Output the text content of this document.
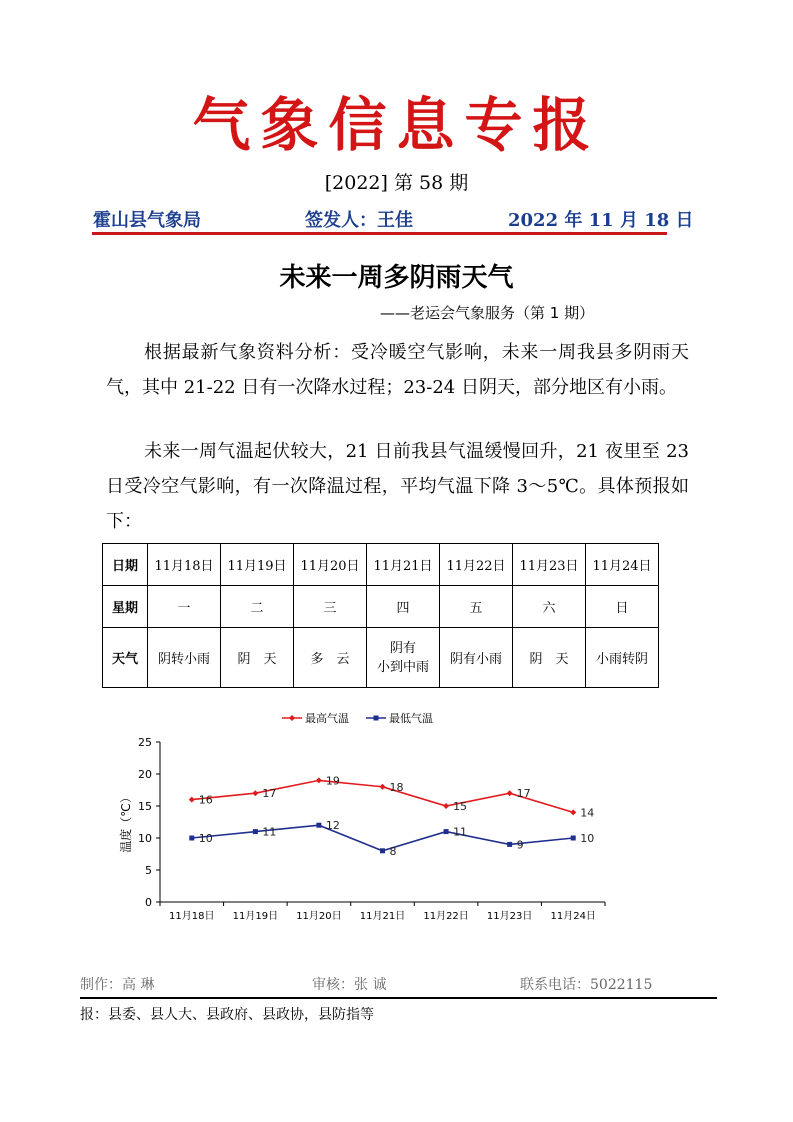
气象信息专报
[2022] 第 58 期
霍山县气象局	签发人：王佳	2022 年 11 月 18 日
未来一周多阴雨天气
——老运会气象服务（第 1 期）
根据最新气象资料分析：受冷暖空气影响，未来一周我县多阴雨天气，其中 21-22 日有一次降水过程；23-24 日阴天，部分地区有小雨。
未来一周气温起伏较大，21 日前我县气温缓慢回升，21 夜里至 23 日受冷空气影响，有一次降温过程，平均气温下降 3～5℃。具体预报如下：
日期	11月18日	11月19日	11月20日	11月21日	11月22日	11月23日	11月24日
星期	一	二	三	四	五	六	日
天气	阴转小雨	阴　天	多　云	阴有
小到中雨	阴有小雨	阴　天	小雨转阴
0
5
10
15
20
25
11月18日 11月19日 11月20日 11月21日 11月22日 11月23日 11月24日
温度（℃）	16	17
19	18
15
17
14
10	11	12
8
11
9	10
最高气温	最低气温
制作：高 琳	审核：张 诚	联系电话：5022115
报：县委、县人大、县政府、县政协，县防指等
